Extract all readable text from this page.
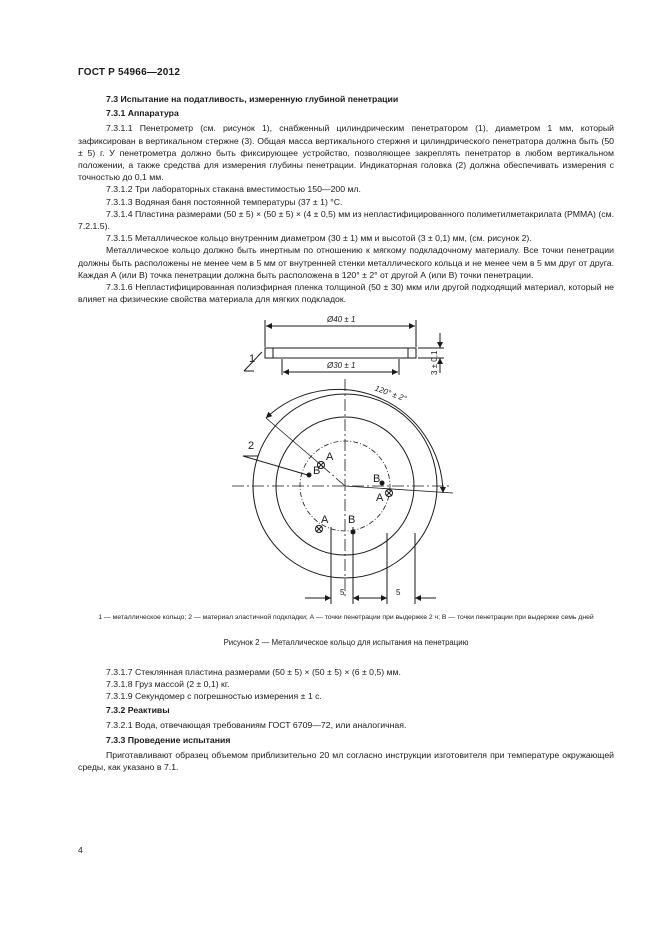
ГОСТ Р 54966—2012

7.3 Испытание на податливость, измеренную глубиной пенетрации

7.3.1 Аппаратура

7.3.1.1 Пенетрометр (см. рисунок 1), снабженный цилиндрическим пенетратором (1), диаметром 1 мм, который зафиксирован в вертикальном стержне (3). Общая масса вертикального стержня и цилиндрического пенетратора должна быть (50 ± 5) г. У пенетрометра должно быть фиксирующее устройство, позволяющее закреплять пенетратор в любом вертикальном положении, а также средства для измерения глубины пенетрации. Индикаторная головка (2) должна обеспечивать измерения с точностью до 0,1 мм.

7.3.1.2 Три лабораторных стакана вместимостью 150—200 мл.

7.3.1.3 Водяная баня постоянной температуры (37 ± 1) °С.

7.3.1.4 Пластина размерами (50 ± 5) × (50 ± 5) × (4 ± 0,5) мм из непластифицированного полиметилметакрилата (PMMA) (см. 7.2.1.5).

7.3.1.5 Металлическое кольцо внутренним диаметром (30 ± 1) мм и высотой (3 ± 0,1) мм, (см. рисунок 2).

Металлическое кольцо должно быть инертным по отношению к мягкому подкладочному материалу. Все точки пенетрации должны быть расположены не менее чем в 5 мм от внутренней стенки металлического кольца и не менее чем в 5 мм друг от друга. Каждая А (или В) точка пенетрации должна быть расположена в 120° ± 2° от другой А (или В) точки пенетрации.

7.3.1.6 Непластифицированная полиэфирная пленка толщиной (50 ± 30) мкм или другой подходящий материал, который не влияет на физические свойства материала для мягких подкладок.

Ø40 ± 1
Ø30 ± 1	3 ± 0,1
1
2
120° ± 2°
A
B
B
A
A B
5	5
1 — металлическое кольцо; 2 — материал эластичной подкладки; А — точки пенетрации при выдержке 2 ч; В — точки пенетрации при выдержке семь дней
Рисунок 2 — Металлическое кольцо для испытания на пенетрацию

7.3.1.7 Стеклянная пластина размерами (50 ± 5) × (50 ± 5) × (6 ± 0,5) мм.

7.3.1.8 Груз массой (2 ± 0,1) кг.

7.3.1.9 Секундомер с погрешностью измерения ± 1 с.

7.3.2 Реактивы

7.3.2.1 Вода, отвечающая требованиям ГОСТ 6709—72, или аналогичная.

7.3.3 Проведение испытания

Приготавливают образец объемом приблизительно 20 мл согласно инструкции изготовителя при температуре окружающей среды, как указано в 7.1.

4
